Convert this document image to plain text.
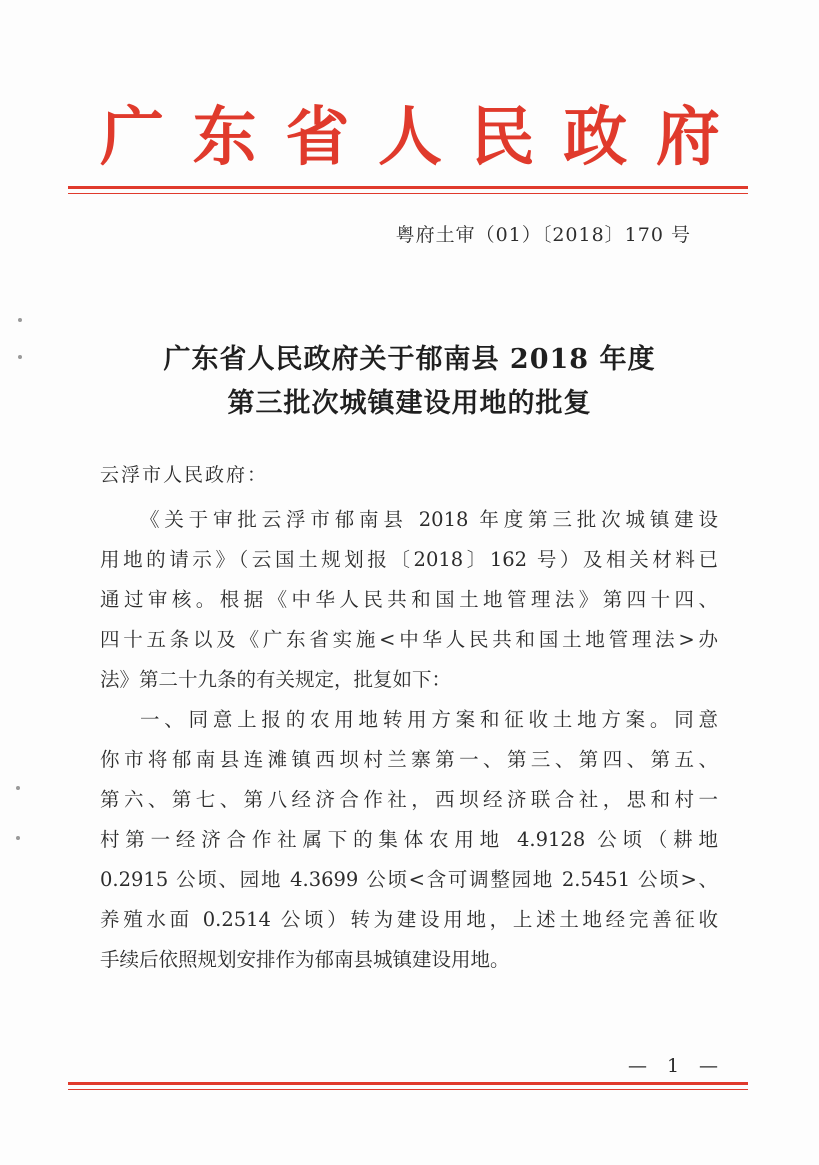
广 东 省 人 民 政 府
粤府土审（01）〔2018〕170 号
广东省人民政府关于郁南县 2018 年度
第三批次城镇建设用地的批复
云浮市人民政府：
《关于审批云浮市郁南县 2018 年度第三批次城镇建设
用地的请示》（云国土规划报〔2018〕162 号）及相关材料已
通过审核。根据《中华人民共和国土地管理法》第四十四、
四十五条以及《广东省实施<中华人民共和国土地管理法>办
法》第二十九条的有关规定，批复如下：
一、同意上报的农用地转用方案和征收土地方案。同意
你市将郁南县连滩镇西坝村兰寨第一、第三、第四、第五、
第六、第七、第八经济合作社，西坝经济联合社，思和村一
村第一经济合作社属下的集体农用地 4.9128 公顷（耕地
0.2915 公顷、园地 4.3699 公顷<含可调整园地 2.5451 公顷>、
养殖水面 0.2514 公顷）转为建设用地，上述土地经完善征收
手续后依照规划安排作为郁南县城镇建设用地。
— 1 —
